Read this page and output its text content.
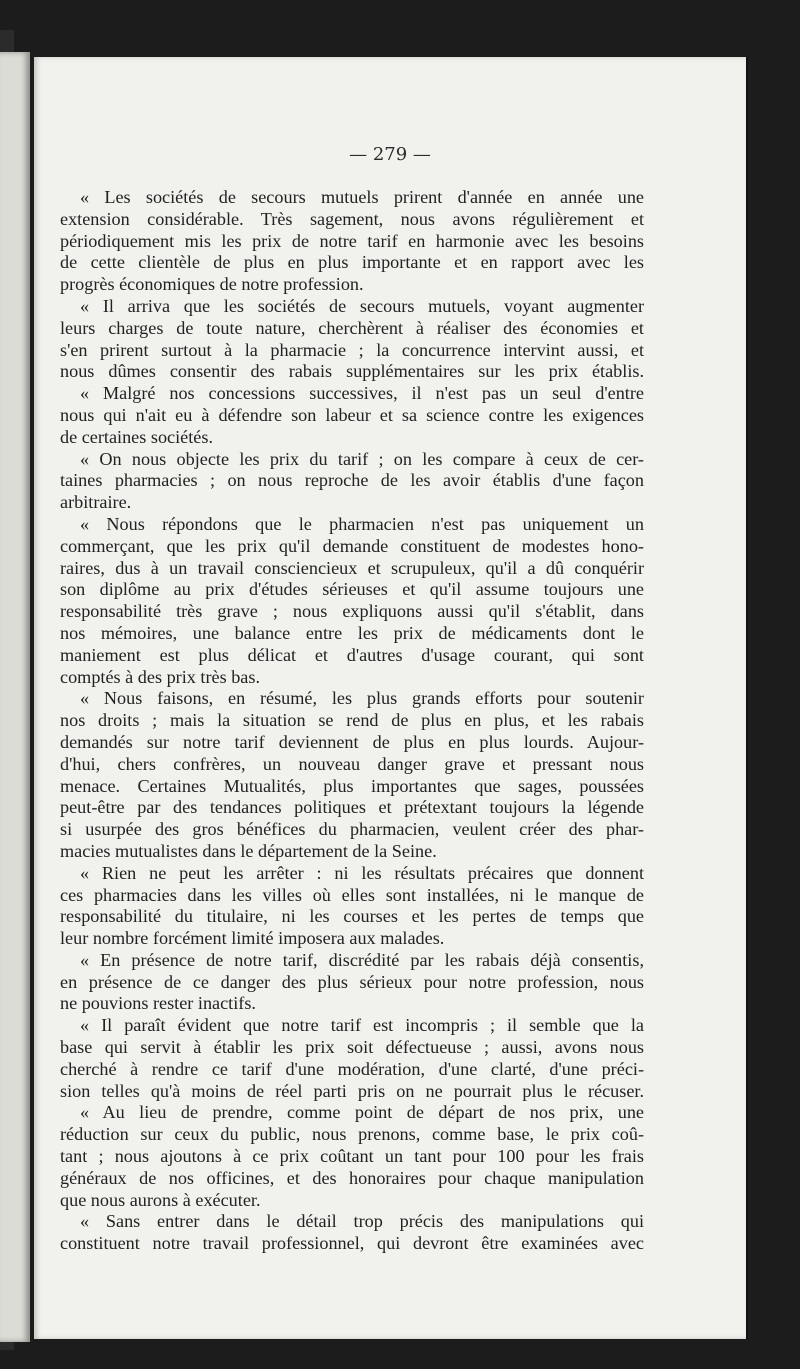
— 279 —
« Les sociétés de secours mutuels prirent d'année en année une
extension considérable. Très sagement, nous avons régulièrement et
périodiquement mis les prix de notre tarif en harmonie avec les besoins
de cette clientèle de plus en plus importante et en rapport avec les
progrès économiques de notre profession.
« Il arriva que les sociétés de secours mutuels, voyant augmenter
leurs charges de toute nature, cherchèrent à réaliser des économies et
s'en prirent surtout à la pharmacie ; la concurrence intervint aussi, et
nous dûmes consentir des rabais supplémentaires sur les prix établis.
« Malgré nos concessions successives, il n'est pas un seul d'entre
nous qui n'ait eu à défendre son labeur et sa science contre les exigences
de certaines sociétés.
« On nous objecte les prix du tarif ; on les compare à ceux de cer-
taines pharmacies ; on nous reproche de les avoir établis d'une façon
arbitraire.
« Nous répondons que le pharmacien n'est pas uniquement un
commerçant, que les prix qu'il demande constituent de modestes hono-
raires, dus à un travail consciencieux et scrupuleux, qu'il a dû conquérir
son diplôme au prix d'études sérieuses et qu'il assume toujours une
responsabilité très grave ; nous expliquons aussi qu'il s'établit, dans
nos mémoires, une balance entre les prix de médicaments dont le
maniement est plus délicat et d'autres d'usage courant, qui sont
comptés à des prix très bas.
« Nous faisons, en résumé, les plus grands efforts pour soutenir
nos droits ; mais la situation se rend de plus en plus, et les rabais
demandés sur notre tarif deviennent de plus en plus lourds. Aujour-
d'hui, chers confrères, un nouveau danger grave et pressant nous
menace. Certaines Mutualités, plus importantes que sages, poussées
peut-être par des tendances politiques et prétextant toujours la légende
si usurpée des gros bénéfices du pharmacien, veulent créer des phar-
macies mutualistes dans le département de la Seine.
« Rien ne peut les arrêter : ni les résultats précaires que donnent
ces pharmacies dans les villes où elles sont installées, ni le manque de
responsabilité du titulaire, ni les courses et les pertes de temps que
leur nombre forcément limité imposera aux malades.
« En présence de notre tarif, discrédité par les rabais déjà consentis,
en présence de ce danger des plus sérieux pour notre profession, nous
ne pouvions rester inactifs.
« Il paraît évident que notre tarif est incompris ; il semble que la
base qui servit à établir les prix soit défectueuse ; aussi, avons nous
cherché à rendre ce tarif d'une modération, d'une clarté, d'une préci-
sion telles qu'à moins de réel parti pris on ne pourrait plus le récuser.
« Au lieu de prendre, comme point de départ de nos prix, une
réduction sur ceux du public, nous prenons, comme base, le prix coû-
tant ; nous ajoutons à ce prix coûtant un tant pour 100 pour les frais
généraux de nos officines, et des honoraires pour chaque manipulation
que nous aurons à exécuter.
« Sans entrer dans le détail trop précis des manipulations qui
constituent notre travail professionnel, qui devront être examinées avec
